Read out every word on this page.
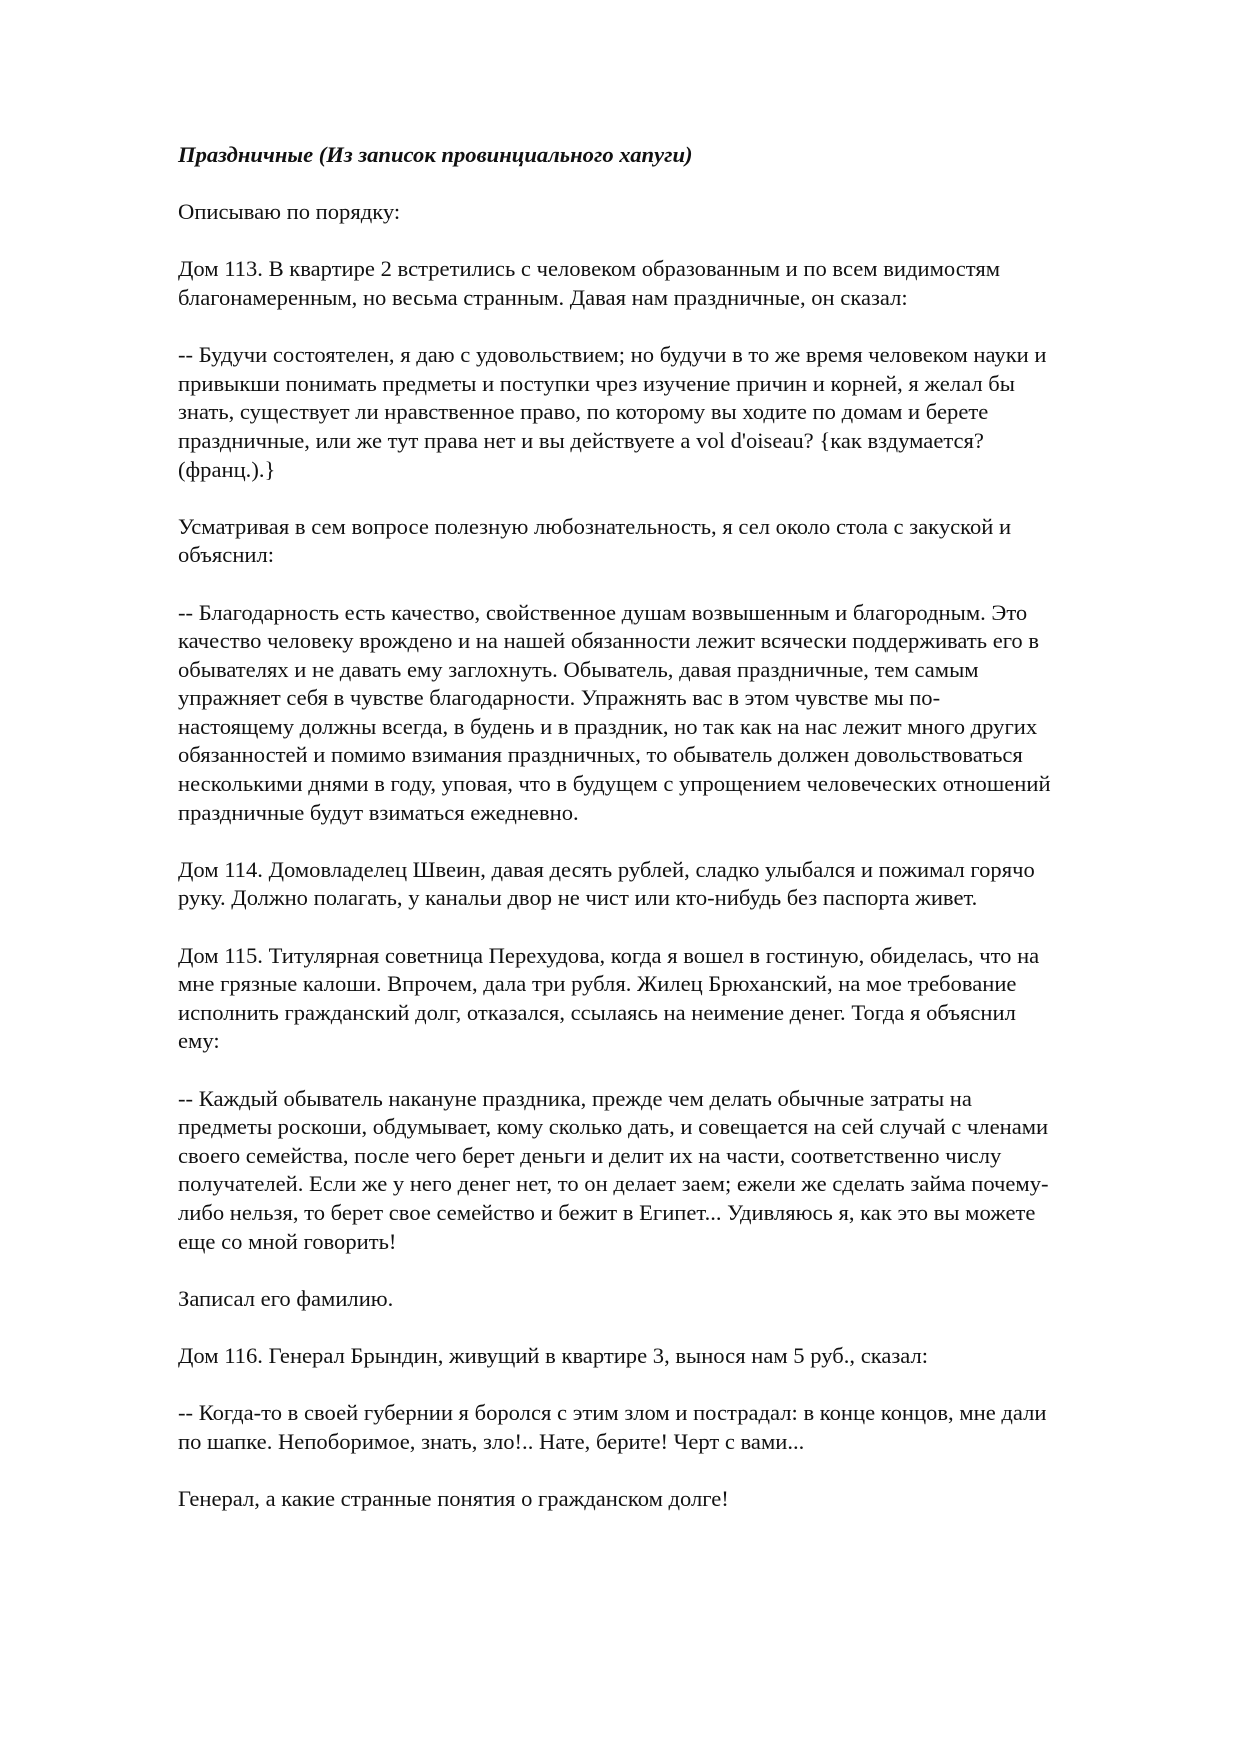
Праздничные (Из записок провинциального хапуги)
Описываю по порядку:
Дом 113. В квартире 2 встретились с человеком образованным и по всем видимостям
благонамеренным, но весьма странным. Давая нам праздничные, он сказал:
-- Будучи состоятелен, я даю с удовольствием; но будучи в то же время человеком науки и
привыкши понимать предметы и поступки чрез изучение причин и корней, я желал бы
знать, существует ли нравственное право, по которому вы ходите по домам и берете
праздничные, или же тут права нет и вы действуете a vol d'oiseau? {как вздумается?
(франц.).}
Усматривая в сем вопросе полезную любознательность, я сел около стола с закуской и
объяснил:
-- Благодарность есть качество, свойственное душам возвышенным и благородным. Это
качество человеку врождено и на нашей обязанности лежит всячески поддерживать его в
обывателях и не давать ему заглохнуть. Обыватель, давая праздничные, тем самым
упражняет себя в чувстве благодарности. Упражнять вас в этом чувстве мы по-
настоящему должны всегда, в будень и в праздник, но так как на нас лежит много других
обязанностей и помимо взимания праздничных, то обыватель должен довольствоваться
несколькими днями в году, уповая, что в будущем с упрощением человеческих отношений
праздничные будут взиматься ежедневно.
Дом 114. Домовладелец Швеин, давая десять рублей, сладко улыбался и пожимал горячо
руку. Должно полагать, у канальи двор не чист или кто-нибудь без паспорта живет.
Дом 115. Титулярная советница Перехудова, когда я вошел в гостиную, обиделась, что на
мне грязные калоши. Впрочем, дала три рубля. Жилец Брюханский, на мое требование
исполнить гражданский долг, отказался, ссылаясь на неимение денег. Тогда я объяснил
ему:
-- Каждый обыватель накануне праздника, прежде чем делать обычные затраты на
предметы роскоши, обдумывает, кому сколько дать, и совещается на сей случай с членами
своего семейства, после чего берет деньги и делит их на части, соответственно числу
получателей. Если же у него денег нет, то он делает заем; ежели же сделать займа почему-
либо нельзя, то берет свое семейство и бежит в Египет... Удивляюсь я, как это вы можете
еще со мной говорить!
Записал его фамилию.
Дом 116. Генерал Брындин, живущий в квартире 3, вынося нам 5 руб., сказал:
-- Когда-то в своей губернии я боролся с этим злом и пострадал: в конце концов, мне дали
по шапке. Непоборимое, знать, зло!.. Нате, берите! Черт с вами...
Генерал, а какие странные понятия о гражданском долге!
